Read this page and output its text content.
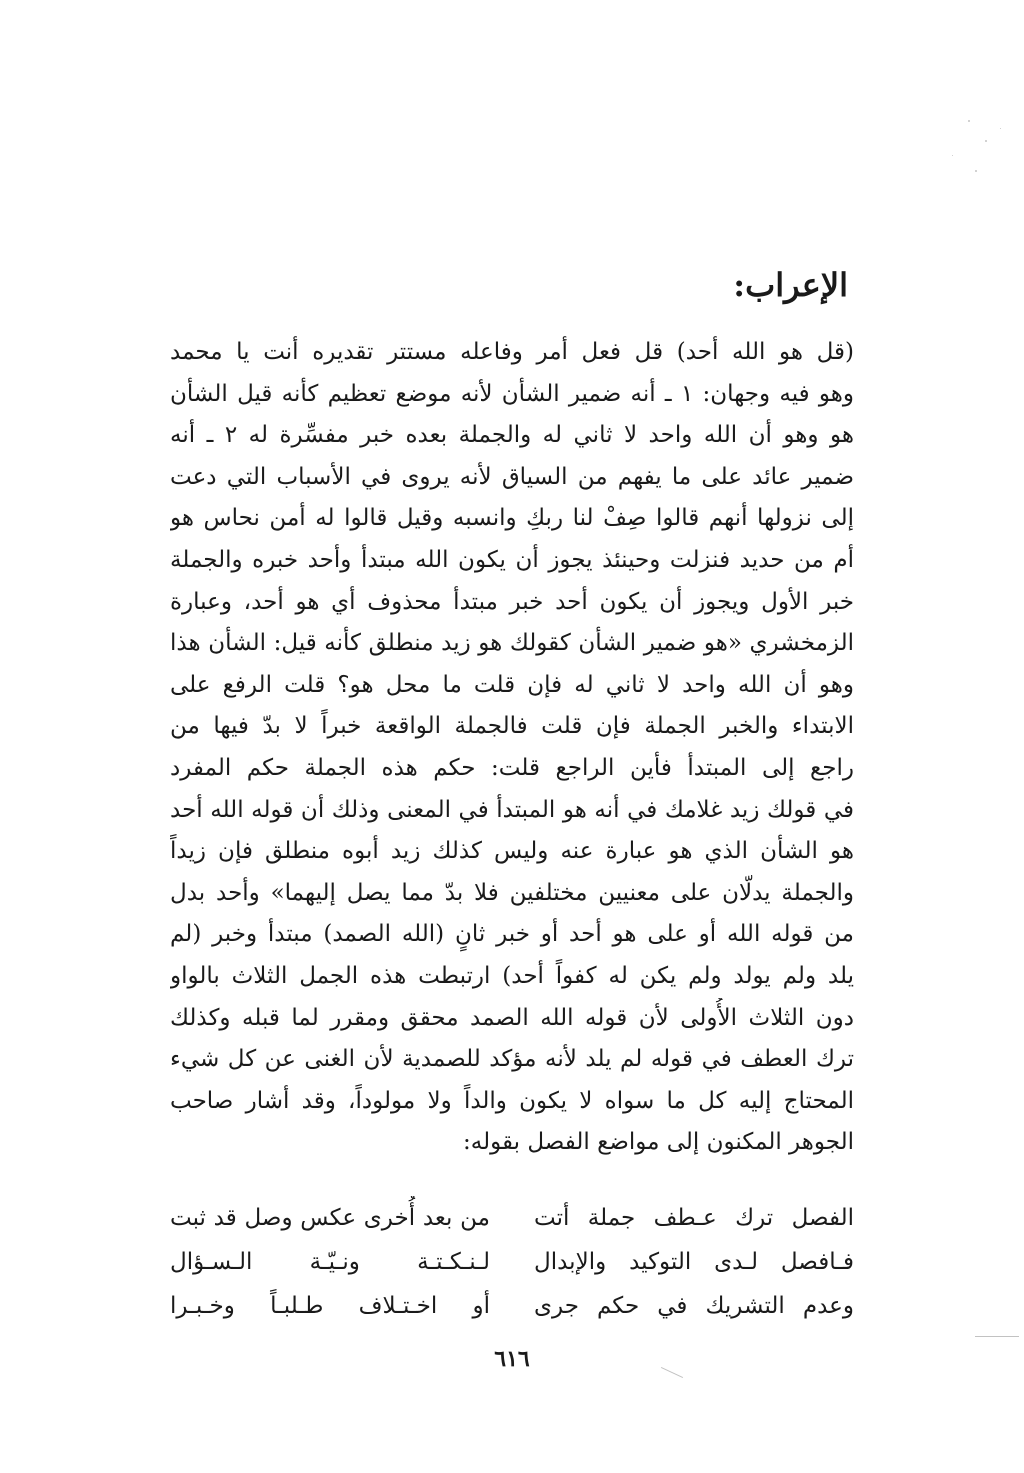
الإعراب:
(قل هو الله أحد) قل فعل أمر وفاعله مستتر تقديره أنت يا محمد
وهو فيه وجهان: ١ ـ أنه ضمير الشأن لأنه موضع تعظيم كأنه قيل الشأن
هو وهو أن الله واحد لا ثاني له والجملة بعده خبر مفسِّرة له ٢ ـ أنه
ضمير عائد على ما يفهم من السياق لأنه يروى في الأسباب التي دعت
إلى نزولها أنهم قالوا صِفْ لنا ربكِ وانسبه وقيل قالوا له أمن نحاس هو
أم من حديد فنزلت وحينئذ يجوز أن يكون الله مبتدأ وأحد خبره والجملة
خبر الأول ويجوز أن يكون أحد خبر مبتدأ محذوف أي هو أحد، وعبارة
الزمخشري «هو ضمير الشأن كقولك هو زيد منطلق كأنه قيل: الشأن هذا
وهو أن الله واحد لا ثاني له فإن قلت ما محل هو؟ قلت الرفع على
الابتداء والخبر الجملة فإن قلت فالجملة الواقعة خبراً لا بدّ فيها من
راجع إلى المبتدأ فأين الراجع قلت: حكم هذه الجملة حكم المفرد
في قولك زيد غلامك في أنه هو المبتدأ في المعنى وذلك أن قوله الله أحد
هو الشأن الذي هو عبارة عنه وليس كذلك زيد أبوه منطلق فإن زيداً
والجملة يدلّان على معنيين مختلفين فلا بدّ مما يصل إليهما» وأحد بدل
من قوله الله أو على هو أحد أو خبر ثانٍ (الله الصمد) مبتدأ وخبر (لم
يلد ولم يولد ولم يكن له كفواً أحد) ارتبطت هذه الجمل الثلاث بالواو
دون الثلاث الأُولى لأن قوله الله الصمد محقق ومقرر لما قبله وكذلك
ترك العطف في قوله لم يلد لأنه مؤكد للصمدية لأن الغنى عن كل شيء
المحتاج إليه كل ما سواه لا يكون والداً ولا مولوداً، وقد أشار صاحب
الجوهر المكنون إلى مواضع الفصل بقوله:
الفصل ترك عـطف جملة أتت
من بعد أُخرى عكس وصل قد ثبت
فـافصل لـدى التوكيد والإبدال
لـنـكـتـة ونـيّـة الـسـؤال
وعدم التشريك في حكم جرى
أو اخـتـلاف طـلبـاً وخـبـرا
٦١٦
